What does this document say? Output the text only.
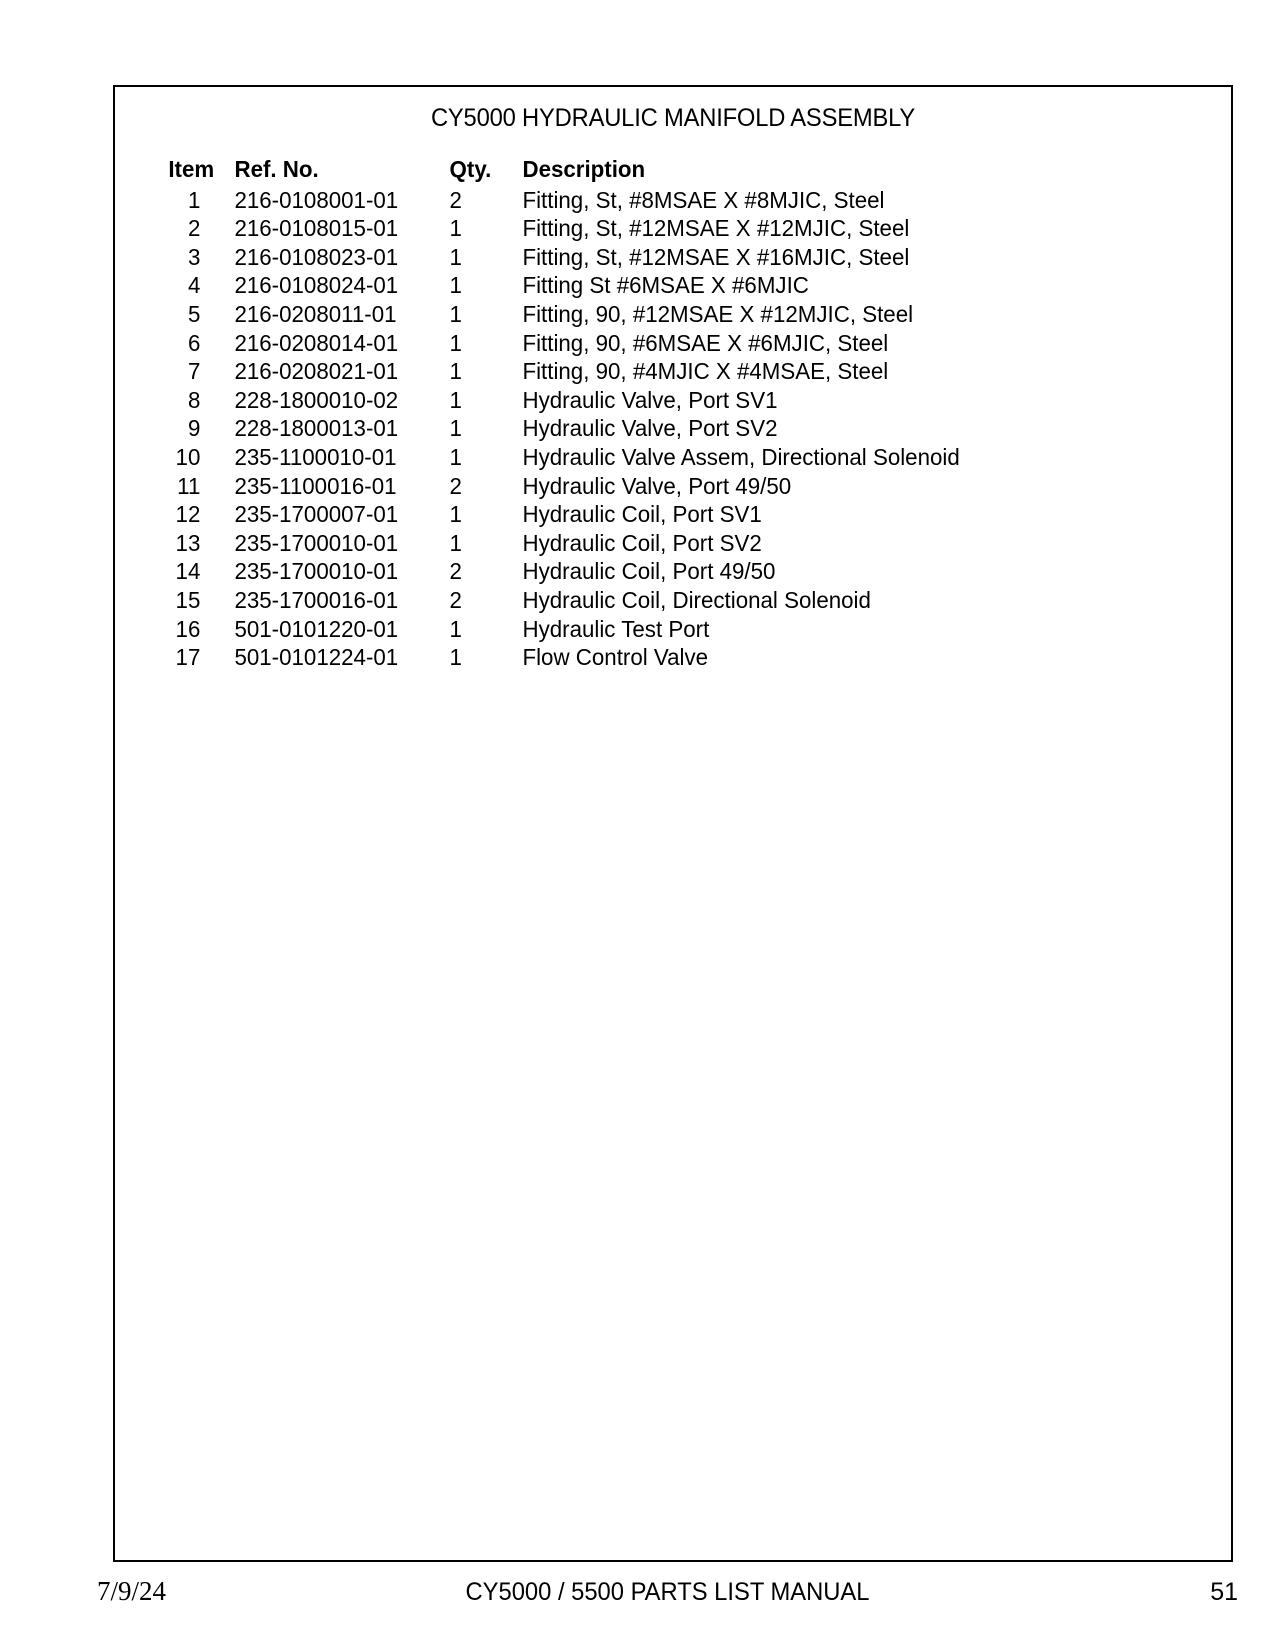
CY5000 HYDRAULIC MANIFOLD ASSEMBLY
Item	Ref. No.	Qty.	Description
1	216-0108001-01	2	Fitting, St, #8MSAE X #8MJIC, Steel
2	216-0108015-01	1	Fitting, St, #12MSAE X #12MJIC, Steel
3	216-0108023-01	1	Fitting, St, #12MSAE X #16MJIC, Steel
4	216-0108024-01	1	Fitting St #6MSAE X #6MJIC
5	216-0208011-01	1	Fitting, 90, #12MSAE X #12MJIC, Steel
6	216-0208014-01	1	Fitting, 90, #6MSAE X #6MJIC, Steel
7	216-0208021-01	1	Fitting, 90, #4MJIC X #4MSAE, Steel
8	228-1800010-02	1	Hydraulic Valve, Port SV1
9	228-1800013-01	1	Hydraulic Valve, Port SV2
10	235-1100010-01	1	Hydraulic Valve Assem, Directional Solenoid
11	235-1100016-01	2	Hydraulic Valve, Port 49/50
12	235-1700007-01	1	Hydraulic Coil, Port SV1
13	235-1700010-01	1	Hydraulic Coil, Port SV2
14	235-1700010-01	2	Hydraulic Coil, Port 49/50
15	235-1700016-01	2	Hydraulic Coil, Directional Solenoid
16	501-0101220-01	1	Hydraulic Test Port
17	501-0101224-01	1	Flow Control Valve
7/9/24	CY5000 / 5500 PARTS LIST MANUAL	51
